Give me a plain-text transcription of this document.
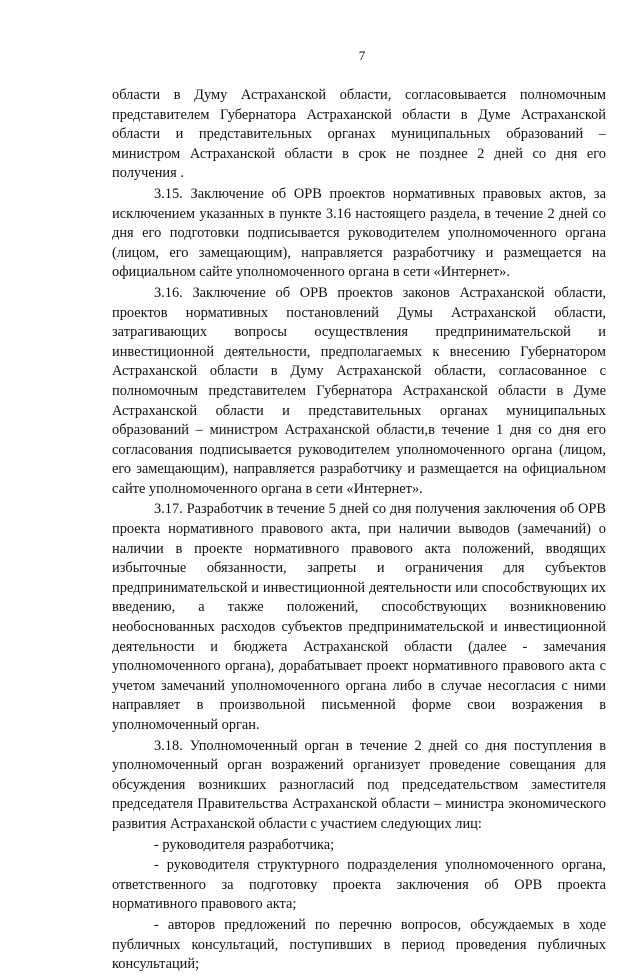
7

области в Думу Астраханской области, согласовывается полномочным представителем Губернатора Астраханской области в Думе Астраханской области и представительных органах муниципальных образований – министром Астраханской области в срок не позднее 2 дней со дня его получения .

3.15. Заключение об ОРВ проектов нормативных правовых актов, за исключением указанных в пункте 3.16 настоящего раздела, в течение 2 дней со дня его подготовки подписывается руководителем уполномоченного органа (лицом, его замещающим), направляется разработчику и размещается на официальном сайте уполномоченного органа в сети «Интернет».

3.16. Заключение об ОРВ проектов законов Астраханской области, проектов нормативных постановлений Думы Астраханской области, затрагивающих вопросы осуществления предпринимательской и инвестиционной деятельности, предполагаемых к внесению Губернатором Астраханской области в Думу Астраханской области, согласованное с полномочным представителем Губернатора Астраханской области в Думе Астраханской области и представительных органах муниципальных образований – министром Астраханской области,в течение 1 дня со дня его согласования подписывается руководителем уполномоченного органа (лицом, его замещающим), направляется разработчику и размещается на официальном сайте уполномоченного органа в сети «Интернет».

3.17. Разработчик в течение 5 дней со дня получения заключения об ОРВ проекта нормативного правового акта, при наличии выводов (замечаний) о наличии в проекте нормативного правового акта положений, вводящих избыточные обязанности, запреты и ограничения для субъектов предпринимательской и инвестиционной деятельности или способствующих их введению, а также положений, способствующих возникновению необоснованных расходов субъектов предпринимательской и инвестиционной деятельности и бюджета Астраханской области (далее - замечания уполномоченного органа), дорабатывает проект нормативного правового акта с учетом замечаний уполномоченного органа либо в случае несогласия с ними направляет в произвольной письменной форме свои возражения в уполномоченный орган.

3.18. Уполномоченный орган в течение 2 дней со дня поступления в уполномоченный орган возражений организует проведение совещания для обсуждения возникших разногласий под председательством заместителя председателя Правительства Астраханской области – министра экономического развития Астраханской области с участием следующих лиц:

- руководителя разработчика;

- руководителя структурного подразделения уполномоченного органа, ответственного за подготовку проекта заключения об ОРВ проекта нормативного правового акта;

- авторов предложений по перечню вопросов, обсуждаемых в ходе публичных консультаций, поступивших в период проведения публичных консультаций;
